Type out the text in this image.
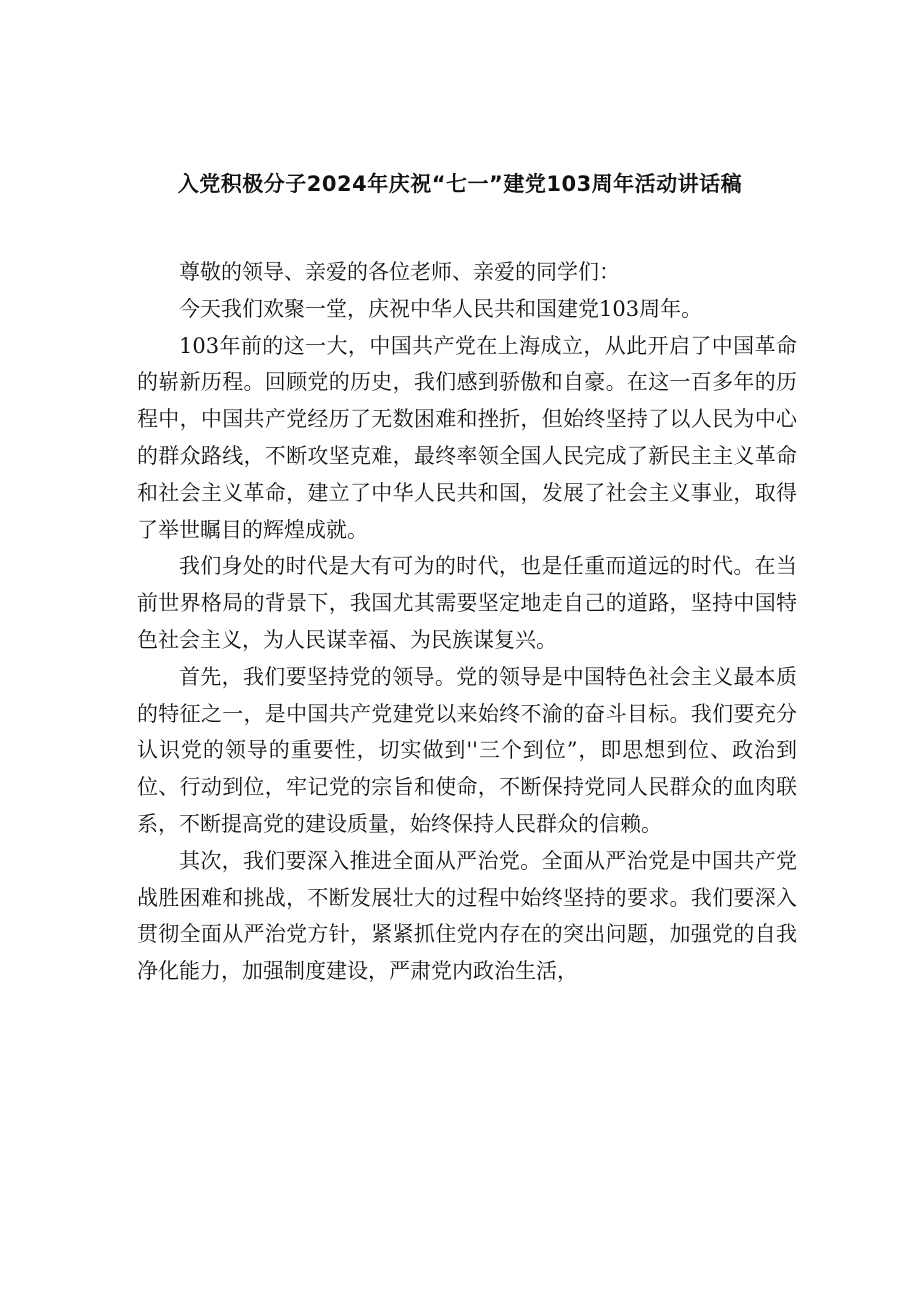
入党积极分子2024年庆祝“七一”建党103周年活动讲话稿

尊敬的领导、亲爱的各位老师、亲爱的同学们：

今天我们欢聚一堂，庆祝中华人民共和国建党103周年。

103年前的这一大，中国共产党在上海成立，从此开启了中国革命的崭新历程。回顾党的历史，我们感到骄傲和自豪。在这一百多年的历程中，中国共产党经历了无数困难和挫折，但始终坚持了以人民为中心的群众路线，不断攻坚克难，最终率领全国人民完成了新民主主义革命和社会主义革命，建立了中华人民共和国，发展了社会主义事业，取得了举世瞩目的辉煌成就。

我们身处的时代是大有可为的时代，也是任重而道远的时代。在当前世界格局的背景下，我国尤其需要坚定地走自己的道路，坚持中国特色社会主义，为人民谋幸福、为民族谋复兴。

首先，我们要坚持党的领导。党的领导是中国特色社会主义最本质的特征之一，是中国共产党建党以来始终不渝的奋斗目标。我们要充分认识党的领导的重要性，切实做到''三个到位”，即思想到位、政治到位、行动到位，牢记党的宗旨和使命，不断保持党同人民群众的血肉联系，不断提高党的建设质量，始终保持人民群众的信赖。

其次，我们要深入推进全面从严治党。全面从严治党是中国共产党战胜困难和挑战，不断发展壮大的过程中始终坚持的要求。我们要深入贯彻全面从严治党方针，紧紧抓住党内存在的突出问题，加强党的自我净化能力，加强制度建设，严肃党内政治生活，
